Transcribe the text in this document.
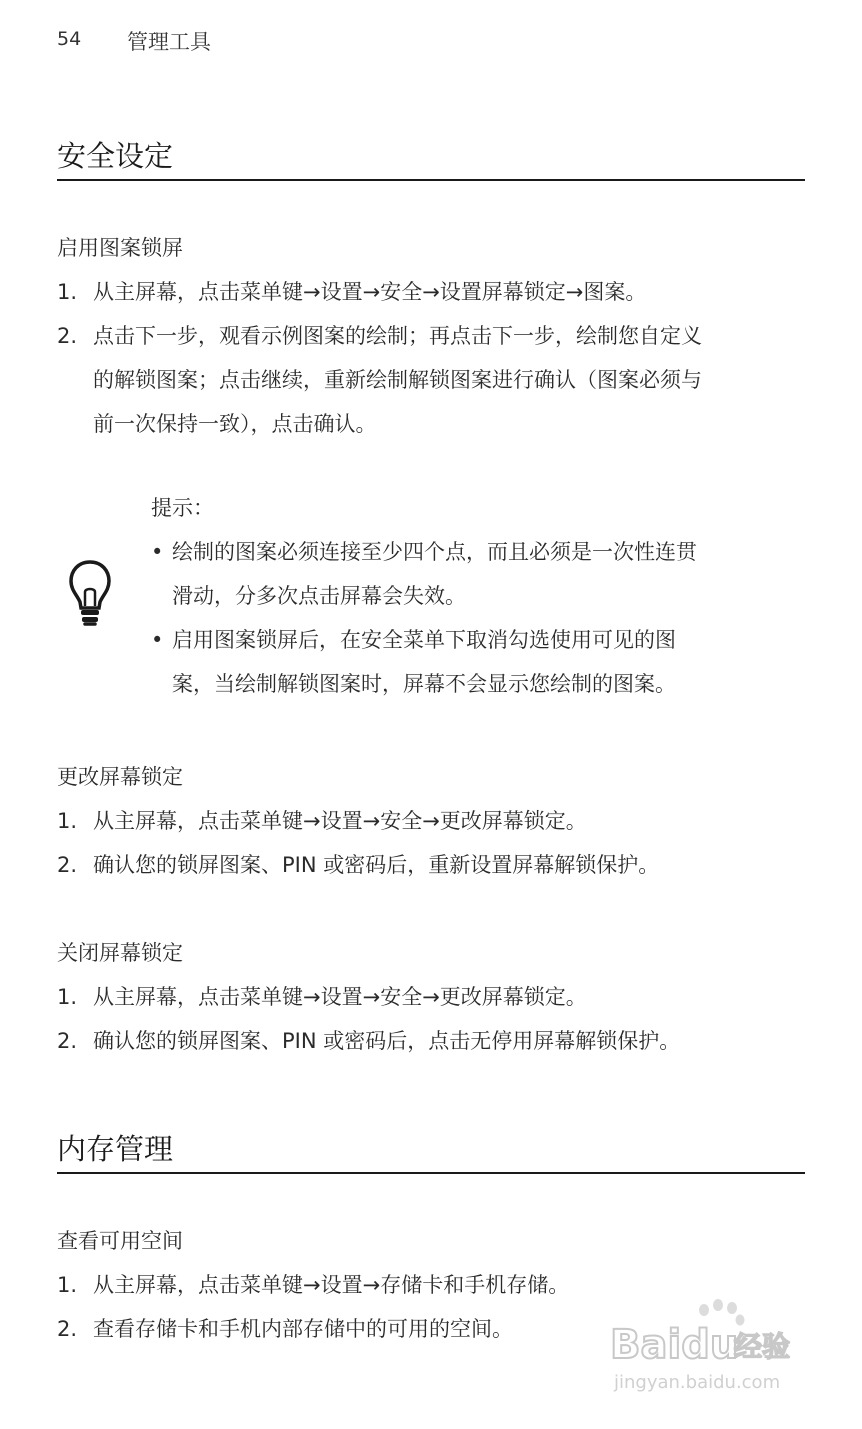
54 管理工具
安全设定
启用图案锁屏
1. 从主屏幕，点击菜单键→设置→安全→设置屏幕锁定→图案。
2. 点击下一步，观看示例图案的绘制；再点击下一步，绘制您自定义
的解锁图案；点击继续，重新绘制解锁图案进行确认（图案必须与
前一次保持一致），点击确认。
提示：
• 绘制的图案必须连接至少四个点，而且必须是一次性连贯
滑动，分多次点击屏幕会失效。
• 启用图案锁屏后，在安全菜单下取消勾选使用可见的图
案，当绘制解锁图案时，屏幕不会显示您绘制的图案。
更改屏幕锁定
1. 从主屏幕，点击菜单键→设置→安全→更改屏幕锁定。
2. 确认您的锁屏图案、PIN 或密码后，重新设置屏幕解锁保护。
关闭屏幕锁定
1. 从主屏幕，点击菜单键→设置→安全→更改屏幕锁定。
2. 确认您的锁屏图案、PIN 或密码后，点击无停用屏幕解锁保护。
内存管理
查看可用空间
1. 从主屏幕，点击菜单键→设置→存储卡和手机存储。
2. 查看存储卡和手机内部存储中的可用的空间。 Baidu
经验
jingyan.baidu.com
